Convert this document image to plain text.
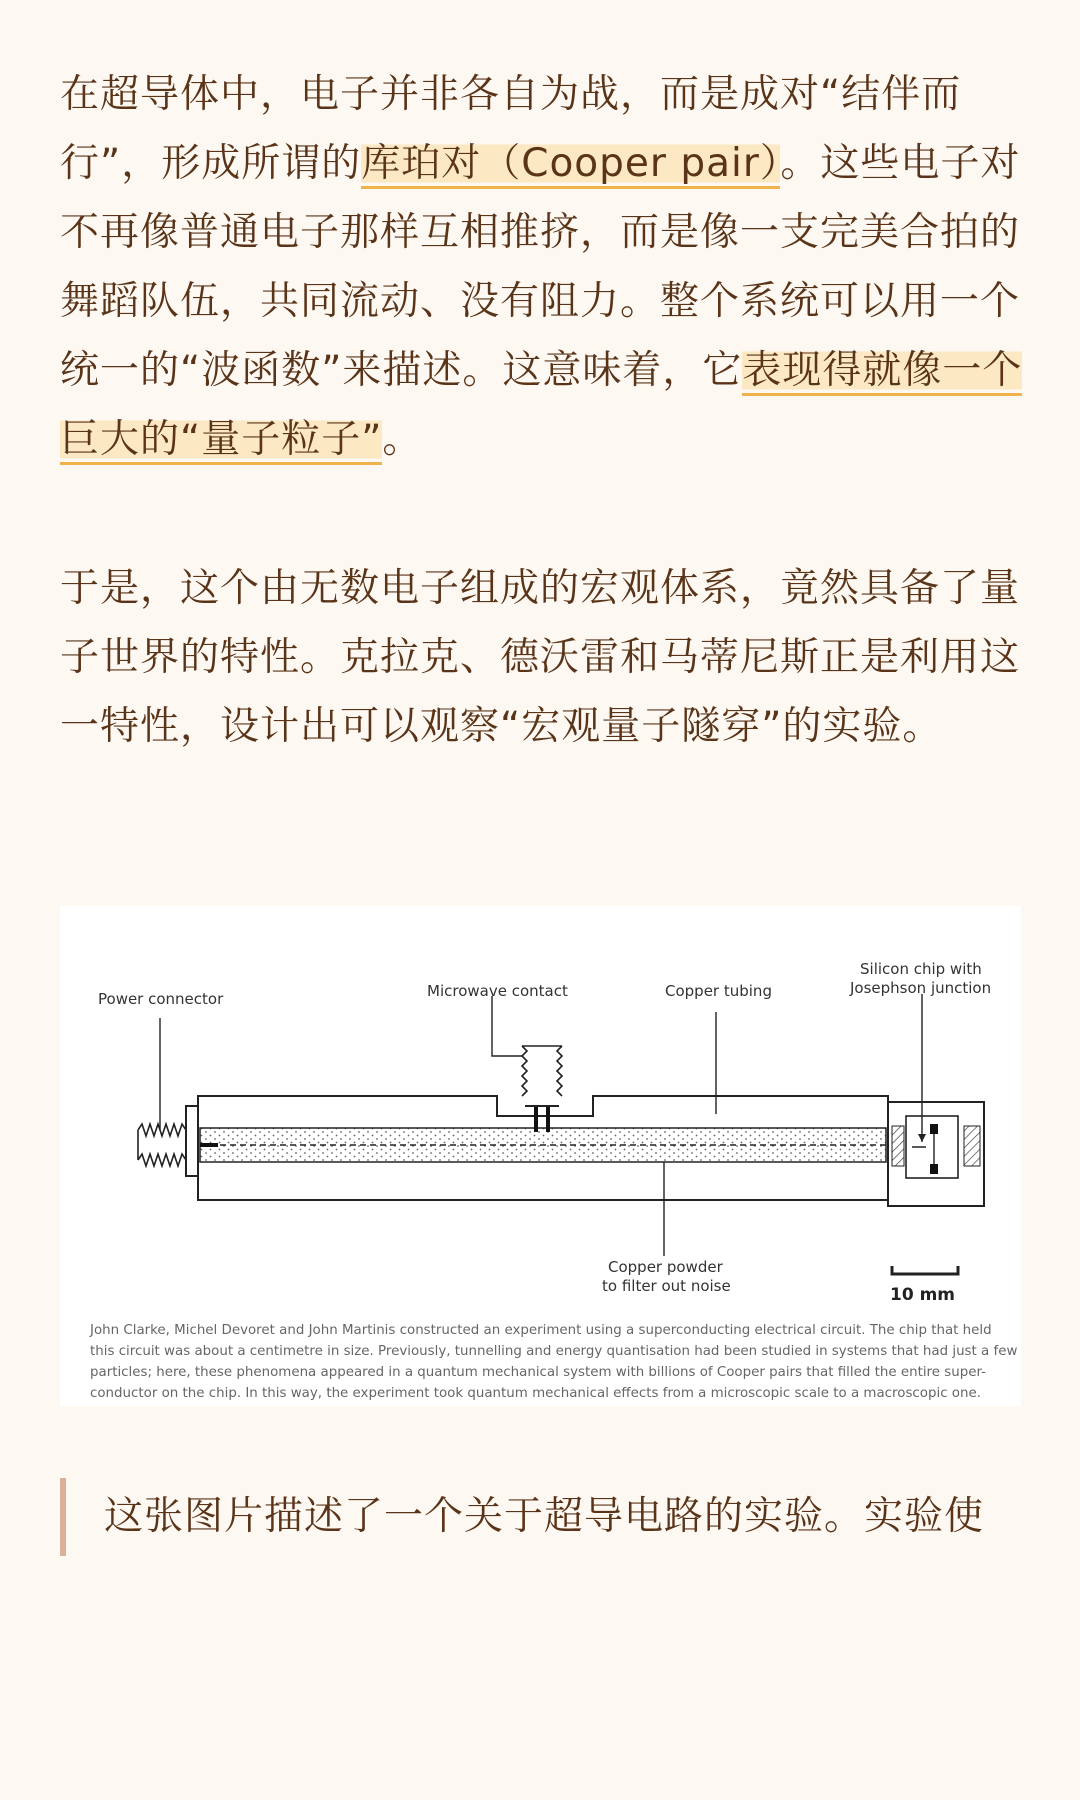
在超导体中，电子并非各自为战，而是成对“结伴而行”，形成所谓的库珀对（Cooper pair）。这些电子对不再像普通电子那样互相推挤，而是像一支完美合拍的舞蹈队伍，共同流动、没有阻力。整个系统可以用一个统一的“波函数”来描述。这意味着，它表现得就像一个巨大的“量子粒子”。

于是，这个由无数电子组成的宏观体系，竟然具备了量子世界的特性。克拉克、德沃雷和马蒂尼斯正是利用这一特性，设计出可以观察“宏观量子隧穿”的实验。

Power connector	Microwave contact	Copper tubing
Silicon chip with
Josephson junction
Copper powder
to filter out noise	10 mm
John Clarke, Michel Devoret and John Martinis constructed an experiment using a superconducting electrical circuit. The chip that held
this circuit was about a centimetre in size. Previously, tunnelling and energy quantisation had been studied in systems that had just a few
particles; here, these phenomena appeared in a quantum mechanical system with billions of Cooper pairs that filled the entire super-
conductor on the chip. In this way, the experiment took quantum mechanical effects from a microscopic scale to a macroscopic one.
这张图片描述了一个关于超导电路的实验。实验使
